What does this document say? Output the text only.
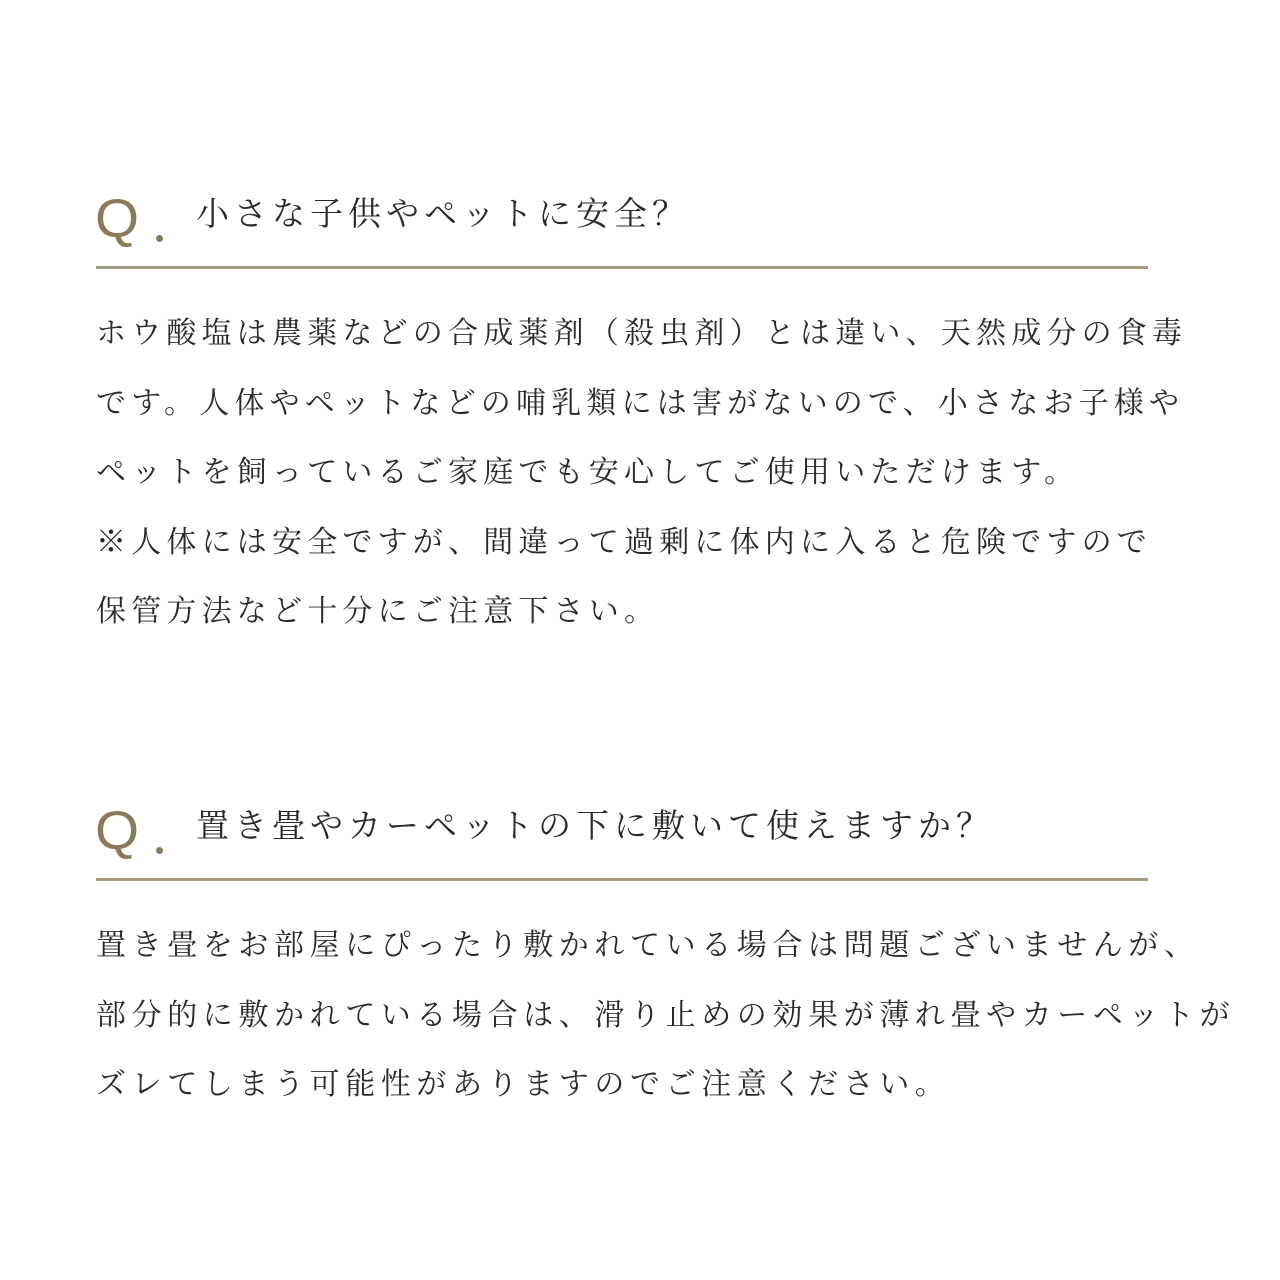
Q 小さな子供やペットに安全？
ホウ酸塩は農薬などの合成薬剤（殺虫剤）とは違い、天然成分の食毒
です。人体やペットなどの哺乳類には害がないので、小さなお子様や
ペットを飼っているご家庭でも安心してご使用いただけます。
※人体には安全ですが、間違って過剰に体内に入ると危険ですので
保管方法など十分にご注意下さい。
Q 置き畳やカーペットの下に敷いて使えますか？
置き畳をお部屋にぴったり敷かれている場合は問題ございませんが、
部分的に敷かれている場合は、滑り止めの効果が薄れ畳やカーペットが
ズレてしまう可能性がありますのでご注意ください。
